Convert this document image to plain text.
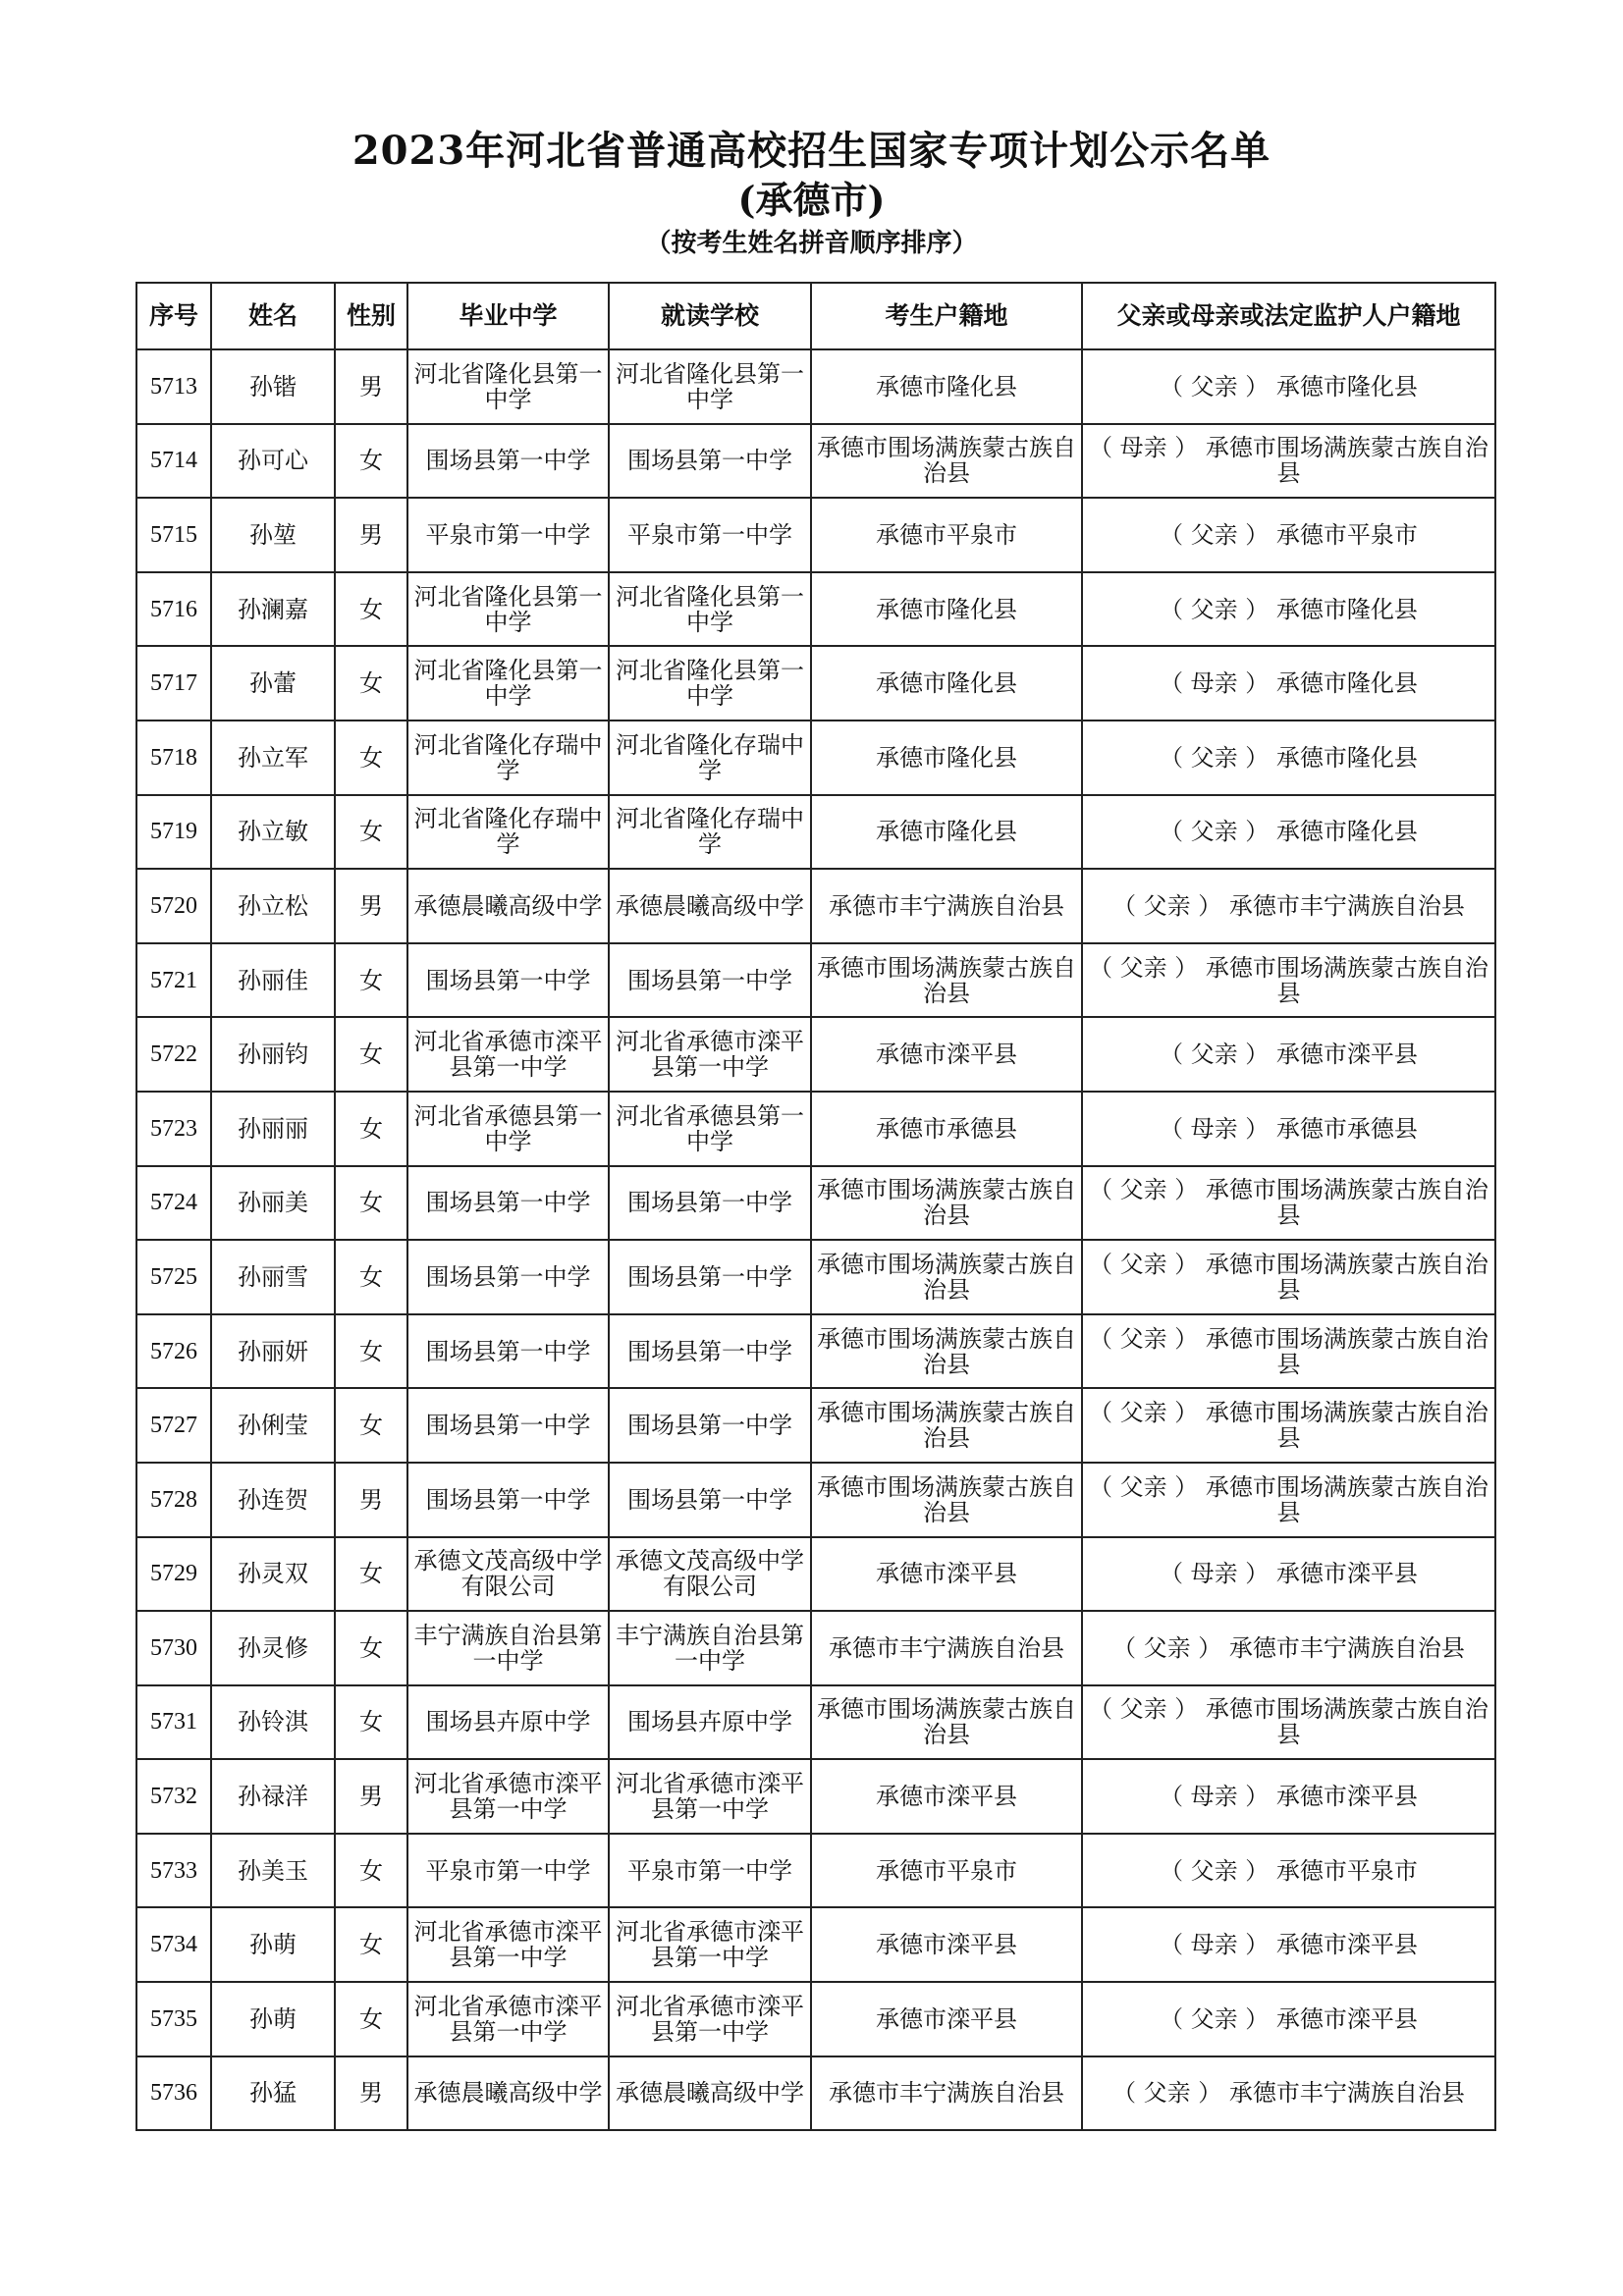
2023年河北省普通高校招生国家专项计划公示名单
(承德市)
（按考生姓名拼音顺序排序）
序号	姓名	性别	毕业中学	就读学校	考生户籍地	父亲或母亲或法定监护人户籍地
5713	孙锴	男	河北省隆化县第一中学	河北省隆化县第一中学	承德市隆化县	（ 父亲 ） 承德市隆化县
5714	孙可心	女	围场县第一中学	围场县第一中学	承德市围场满族蒙古族自治县	（ 母亲 ） 承德市围场满族蒙古族自治县
5715	孙堃	男	平泉市第一中学	平泉市第一中学	承德市平泉市	（ 父亲 ） 承德市平泉市
5716	孙澜嘉	女	河北省隆化县第一中学	河北省隆化县第一中学	承德市隆化县	（ 父亲 ） 承德市隆化县
5717	孙蕾	女	河北省隆化县第一中学	河北省隆化县第一中学	承德市隆化县	（ 母亲 ） 承德市隆化县
5718	孙立军	女	河北省隆化存瑞中学	河北省隆化存瑞中学	承德市隆化县	（ 父亲 ） 承德市隆化县
5719	孙立敏	女	河北省隆化存瑞中学	河北省隆化存瑞中学	承德市隆化县	（ 父亲 ） 承德市隆化县
5720	孙立松	男	承德晨曦高级中学	承德晨曦高级中学	承德市丰宁满族自治县	（ 父亲 ） 承德市丰宁满族自治县
5721	孙丽佳	女	围场县第一中学	围场县第一中学	承德市围场满族蒙古族自治县	（ 父亲 ） 承德市围场满族蒙古族自治县
5722	孙丽钧	女	河北省承德市滦平县第一中学	河北省承德市滦平县第一中学	承德市滦平县	（ 父亲 ） 承德市滦平县
5723	孙丽丽	女	河北省承德县第一中学	河北省承德县第一中学	承德市承德县	（ 母亲 ） 承德市承德县
5724	孙丽美	女	围场县第一中学	围场县第一中学	承德市围场满族蒙古族自治县	（ 父亲 ） 承德市围场满族蒙古族自治县
5725	孙丽雪	女	围场县第一中学	围场县第一中学	承德市围场满族蒙古族自治县	（ 父亲 ） 承德市围场满族蒙古族自治县
5726	孙丽妍	女	围场县第一中学	围场县第一中学	承德市围场满族蒙古族自治县	（ 父亲 ） 承德市围场满族蒙古族自治县
5727	孙俐莹	女	围场县第一中学	围场县第一中学	承德市围场满族蒙古族自治县	（ 父亲 ） 承德市围场满族蒙古族自治县
5728	孙连贺	男	围场县第一中学	围场县第一中学	承德市围场满族蒙古族自治县	（ 父亲 ） 承德市围场满族蒙古族自治县
5729	孙灵双	女	承德文茂高级中学有限公司	承德文茂高级中学有限公司	承德市滦平县	（ 母亲 ） 承德市滦平县
5730	孙灵修	女	丰宁满族自治县第一中学	丰宁满族自治县第一中学	承德市丰宁满族自治县	（ 父亲 ） 承德市丰宁满族自治县
5731	孙铃淇	女	围场县卉原中学	围场县卉原中学	承德市围场满族蒙古族自治县	（ 父亲 ） 承德市围场满族蒙古族自治县
5732	孙禄洋	男	河北省承德市滦平县第一中学	河北省承德市滦平县第一中学	承德市滦平县	（ 母亲 ） 承德市滦平县
5733	孙美玉	女	平泉市第一中学	平泉市第一中学	承德市平泉市	（ 父亲 ） 承德市平泉市
5734	孙萌	女	河北省承德市滦平县第一中学	河北省承德市滦平县第一中学	承德市滦平县	（ 母亲 ） 承德市滦平县
5735	孙萌	女	河北省承德市滦平县第一中学	河北省承德市滦平县第一中学	承德市滦平县	（ 父亲 ） 承德市滦平县
5736	孙猛	男	承德晨曦高级中学	承德晨曦高级中学	承德市丰宁满族自治县	（ 父亲 ） 承德市丰宁满族自治县
